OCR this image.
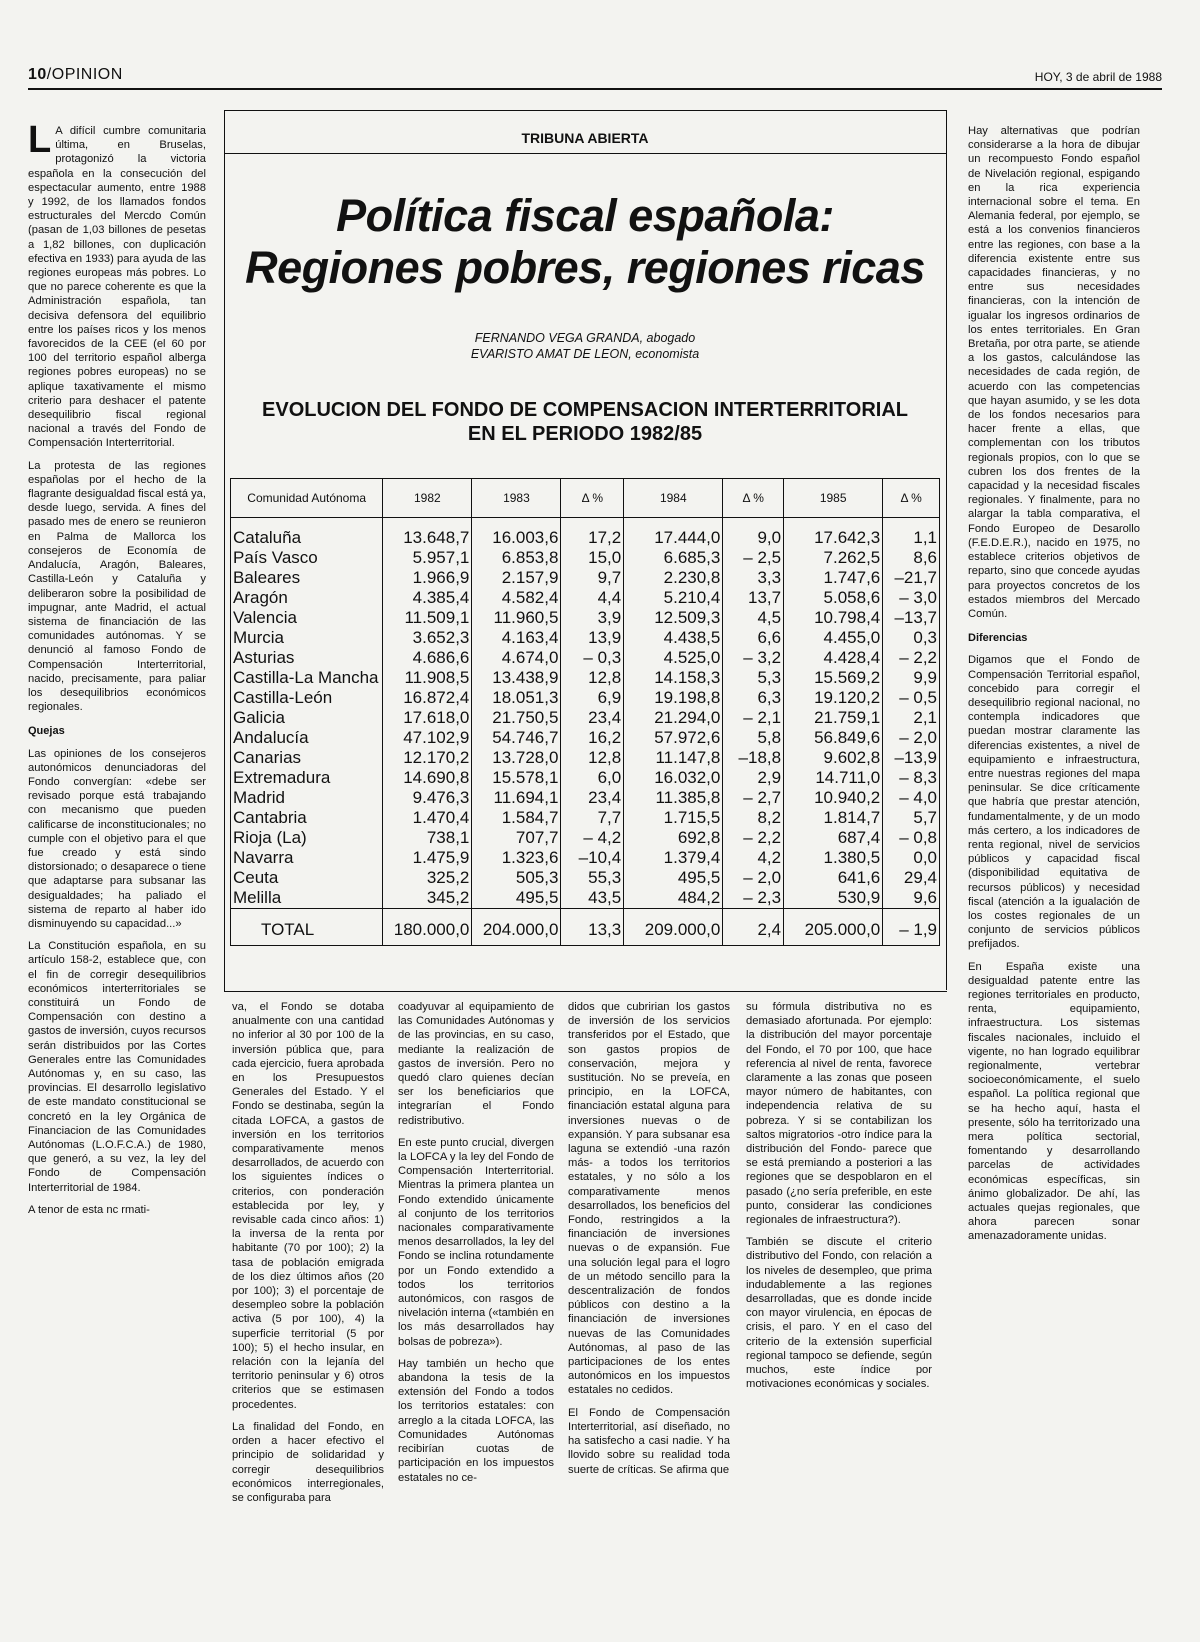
10/OPINION	HOY, 3 de abril de 1988

L A difícil cumbre comunitaria última, en Bruselas, protagonizó la victoria española en la consecución del espectacular aumento, entre 1988 y 1992, de los llamados fondos estructurales del Mercdo Común (pasan de 1,03 billones de pesetas a 1,82 billones, con duplicación efectiva en 1933) para ayuda de las regiones europeas más pobres. Lo que no parece coherente es que la Administración española, tan decisiva defensora del equilibrio entre los países ricos y los menos favorecidos de la CEE (el 60 por 100 del territorio español alberga regiones pobres europeas) no se aplique taxativamente el mismo criterio para deshacer el patente desequilibrio fiscal regional nacional a través del Fondo de Compensación Interterritorial.

La protesta de las regiones españolas por el hecho de la flagrante desigualdad fiscal está ya, desde luego, servida. A fines del pasado mes de enero se reunieron en Palma de Mallorca los consejeros de Economía de Andalucía, Aragón, Baleares, Castilla-León y Cataluña y deliberaron sobre la posibilidad de impugnar, ante Madrid, el actual sistema de financiación de las comunidades autónomas. Y se denunció al famoso Fondo de Compensación Interterritorial, nacido, precisamente, para paliar los desequilibrios económicos regionales.

Quejas

Las opiniones de los consejeros autonómicos denunciadoras del Fondo convergían: «debe ser revisado porque está trabajando con mecanismo que pueden calificarse de inconstitucionales; no cumple con el objetivo para el que fue creado y está sindo distorsionado; o desaparece o tiene que adaptarse para subsanar las desigualdades; ha paliado el sistema de reparto al haber ido disminuyendo su capacidad...»

La Constitución española, en su artículo 158-2, establece que, con el fin de corregir desequilibrios económicos interterritoriales se constituirá un Fondo de Compensación con destino a gastos de inversión, cuyos recursos serán distribuidos por las Cortes Generales entre las Comunidades Autónomas y, en su caso, las provincias. El desarrollo legislativo de este mandato constitucional se concretó en la ley Orgánica de Financiacion de las Comunidades Autónomas (L.O.F.C.A.) de 1980, que generó, a su vez, la ley del Fondo de Compensación Interterritorial de 1984.

A tenor de esta nc rmati-

TRIBUNA ABIERTA
Política fiscal española:
Regiones pobres, regiones ricas
FERNANDO VEGA GRANDA, abogado
EVARISTO AMAT DE LEON, economista
EVOLUCION DEL FONDO DE COMPENSACION INTERTERRITORIAL
EN EL PERIODO 1982/85
Comunidad Autónoma	1982	1983	Δ %	1984	Δ %	1985	Δ %
Cataluña	13.648,7	16.003,6	17,2	17.444,0	9,0	17.642,3	1,1
País Vasco	5.957,1	6.853,8	15,0	6.685,3	– 2,5	7.262,5	8,6
Baleares	1.966,9	2.157,9	9,7	2.230,8	3,3	1.747,6	–21,7
Aragón	4.385,4	4.582,4	4,4	5.210,4	13,7	5.058,6	– 3,0
Valencia	11.509,1	11.960,5	3,9	12.509,3	4,5	10.798,4	–13,7
Murcia	3.652,3	4.163,4	13,9	4.438,5	6,6	4.455,0	0,3
Asturias	4.686,6	4.674,0	– 0,3	4.525,0	– 3,2	4.428,4	– 2,2
Castilla-La Mancha	11.908,5	13.438,9	12,8	14.158,3	5,3	15.569,2	9,9
Castilla-León	16.872,4	18.051,3	6,9	19.198,8	6,3	19.120,2	– 0,5
Galicia	17.618,0	21.750,5	23,4	21.294,0	– 2,1	21.759,1	2,1
Andalucía	47.102,9	54.746,7	16,2	57.972,6	5,8	56.849,6	– 2,0
Canarias	12.170,2	13.728,0	12,8	11.147,8	–18,8	9.602,8	–13,9
Extremadura	14.690,8	15.578,1	6,0	16.032,0	2,9	14.711,0	– 8,3
Madrid	9.476,3	11.694,1	23,4	11.385,8	– 2,7	10.940,2	– 4,0
Cantabria	1.470,4	1.584,7	7,7	1.715,5	8,2	1.814,7	5,7
Rioja (La)	738,1	707,7	– 4,2	692,8	– 2,2	687,4	– 0,8
Navarra	1.475,9	1.323,6	–10,4	1.379,4	4,2	1.380,5	0,0
Ceuta	325,2	505,3	55,3	495,5	– 2,0	641,6	29,4
Melilla	345,2	495,5	43,5	484,2	– 2,3	530,9	9,6
TOTAL	180.000,0	204.000,0	13,3	209.000,0	2,4	205.000,0	– 1,9

va, el Fondo se dotaba anualmente con una cantidad no inferior al 30 por 100 de la inversión pública que, para cada ejercicio, fuera aprobada en los Presupuestos Generales del Estado. Y el Fondo se destinaba, según la citada LOFCA, a gastos de inversión en los territorios comparativamente menos desarrollados, de acuerdo con los siguientes índices o criterios, con ponderación establecida por ley, y revisable cada cinco años: 1) la inversa de la renta por habitante (70 por 100); 2) la tasa de población emigrada de los diez últimos años (20 por 100); 3) el porcentaje de desempleo sobre la población activa (5 por 100), 4) la superficie territorial (5 por 100); 5) el hecho insular, en relación con la lejanía del territorio peninsular y 6) otros criterios que se estimasen procedentes.

La finalidad del Fondo, en orden a hacer efectivo el principio de solidaridad y corregir desequilibrios económicos interregionales, se configuraba para

coadyuvar al equipamiento de las Comunidades Autónomas y de las provincias, en su caso, mediante la realización de gastos de inversión. Pero no quedó claro quienes decían ser los beneficiarios que integrarían el Fondo redistributivo.

En este punto crucial, divergen la LOFCA y la ley del Fondo de Compensación Interterritorial. Mientras la primera plantea un Fondo extendido únicamente al conjunto de los territorios nacionales comparativamente menos desarrollados, la ley del Fondo se inclina rotundamente por un Fondo extendido a todos los territorios autonómicos, con rasgos de nivelación interna («también en los más desarrollados hay bolsas de pobreza»).

Hay también un hecho que abandona la tesis de la extensión del Fondo a todos los territorios estatales: con arreglo a la citada LOFCA, las Comunidades Autónomas recibirían cuotas de participación en los impuestos estatales no ce-

didos que cubririan los gastos de inversión de los servicios transferidos por el Estado, que son gastos propios de conservación, mejora y sustitución. No se preveía, en principio, en la LOFCA, financiación estatal alguna para inversiones nuevas o de expansión. Y para subsanar esa laguna se extendió -una razón más- a todos los territorios estatales, y no sólo a los comparativamente menos desarrollados, los beneficios del Fondo, restringidos a la financiación de inversiones nuevas o de expansión. Fue una solución legal para el logro de un método sencillo para la descentralización de fondos públicos con destino a la financiación de inversiones nuevas de las Comunidades Autónomas, al paso de las participaciones de los entes autonómicos en los impuestos estatales no cedidos.

El Fondo de Compensación Interterritorial, así diseñado, no ha satisfecho a casi nadie. Y ha llovido sobre su realidad toda suerte de críticas. Se afirma que

su fórmula distributiva no es demasiado afortunada. Por ejemplo: la distribución del mayor porcentaje del Fondo, el 70 por 100, que hace referencia al nivel de renta, favorece claramente a las zonas que poseen mayor número de habitantes, con independencia relativa de su pobreza. Y si se contabilizan los saltos migratorios -otro índice para la distribución del Fondo- parece que se está premiando a posteriori a las regiones que se despoblaron en el pasado (¿no sería preferible, en este punto, considerar las condiciones regionales de infraestructura?).

También se discute el criterio distributivo del Fondo, con relación a los niveles de desempleo, que prima indudablemente a las regiones desarrolladas, que es donde incide con mayor virulencia, en épocas de crisis, el paro. Y en el caso del criterio de la extensión superficial regional tampoco se defiende, según muchos, este índice por motivaciones económicas y sociales.

Hay alternativas que podrían considerarse a la hora de dibujar un recompuesto Fondo español de Nivelación regional, espigando en la rica experiencia internacional sobre el tema. En Alemania federal, por ejemplo, se está a los convenios financieros entre las regiones, con base a la diferencia existente entre sus capacidades financieras, y no entre sus necesidades financieras, con la intención de igualar los ingresos ordinarios de los entes territoriales. En Gran Bretaña, por otra parte, se atiende a los gastos, calculándose las necesidades de cada región, de acuerdo con las competencias que hayan asumido, y se les dota de los fondos necesarios para hacer frente a ellas, que complementan con los tributos regionals propios, con lo que se cubren los dos frentes de la capacidad y la necesidad fiscales regionales. Y finalmente, para no alargar la tabla comparativa, el Fondo Europeo de Desarollo (F.E.D.E.R.), nacido en 1975, no establece criterios objetivos de reparto, sino que concede ayudas para proyectos concretos de los estados miembros del Mercado Común.

Diferencias

Digamos que el Fondo de Compensación Territorial español, concebido para corregir el desequilibrio regional nacional, no contempla indicadores que puedan mostrar claramente las diferencias existentes, a nivel de equipamiento e infraestructura, entre nuestras regiones del mapa peninsular. Se dice críticamente que habría que prestar atención, fundamentalmente, y de un modo más certero, a los indicadores de renta regional, nivel de servicios públicos y capacidad fiscal (disponibilidad equitativa de recursos públicos) y necesidad fiscal (atención a la igualación de los costes regionales de un conjunto de servicios públicos prefijados.

En España existe una desigualdad patente entre las regiones territoriales en producto, renta, equipamiento, infraestructura. Los sistemas fiscales nacionales, incluido el vigente, no han logrado equilibrar regionalmente, vertebrar socioeconómicamente, el suelo español. La política regional que se ha hecho aquí, hasta el presente, sólo ha territorizado una mera política sectorial, fomentando y desarrollando parcelas de actividades económicas específicas, sin ánimo globalizador. De ahí, las actuales quejas regionales, que ahora parecen sonar amenazadoramente unidas.
